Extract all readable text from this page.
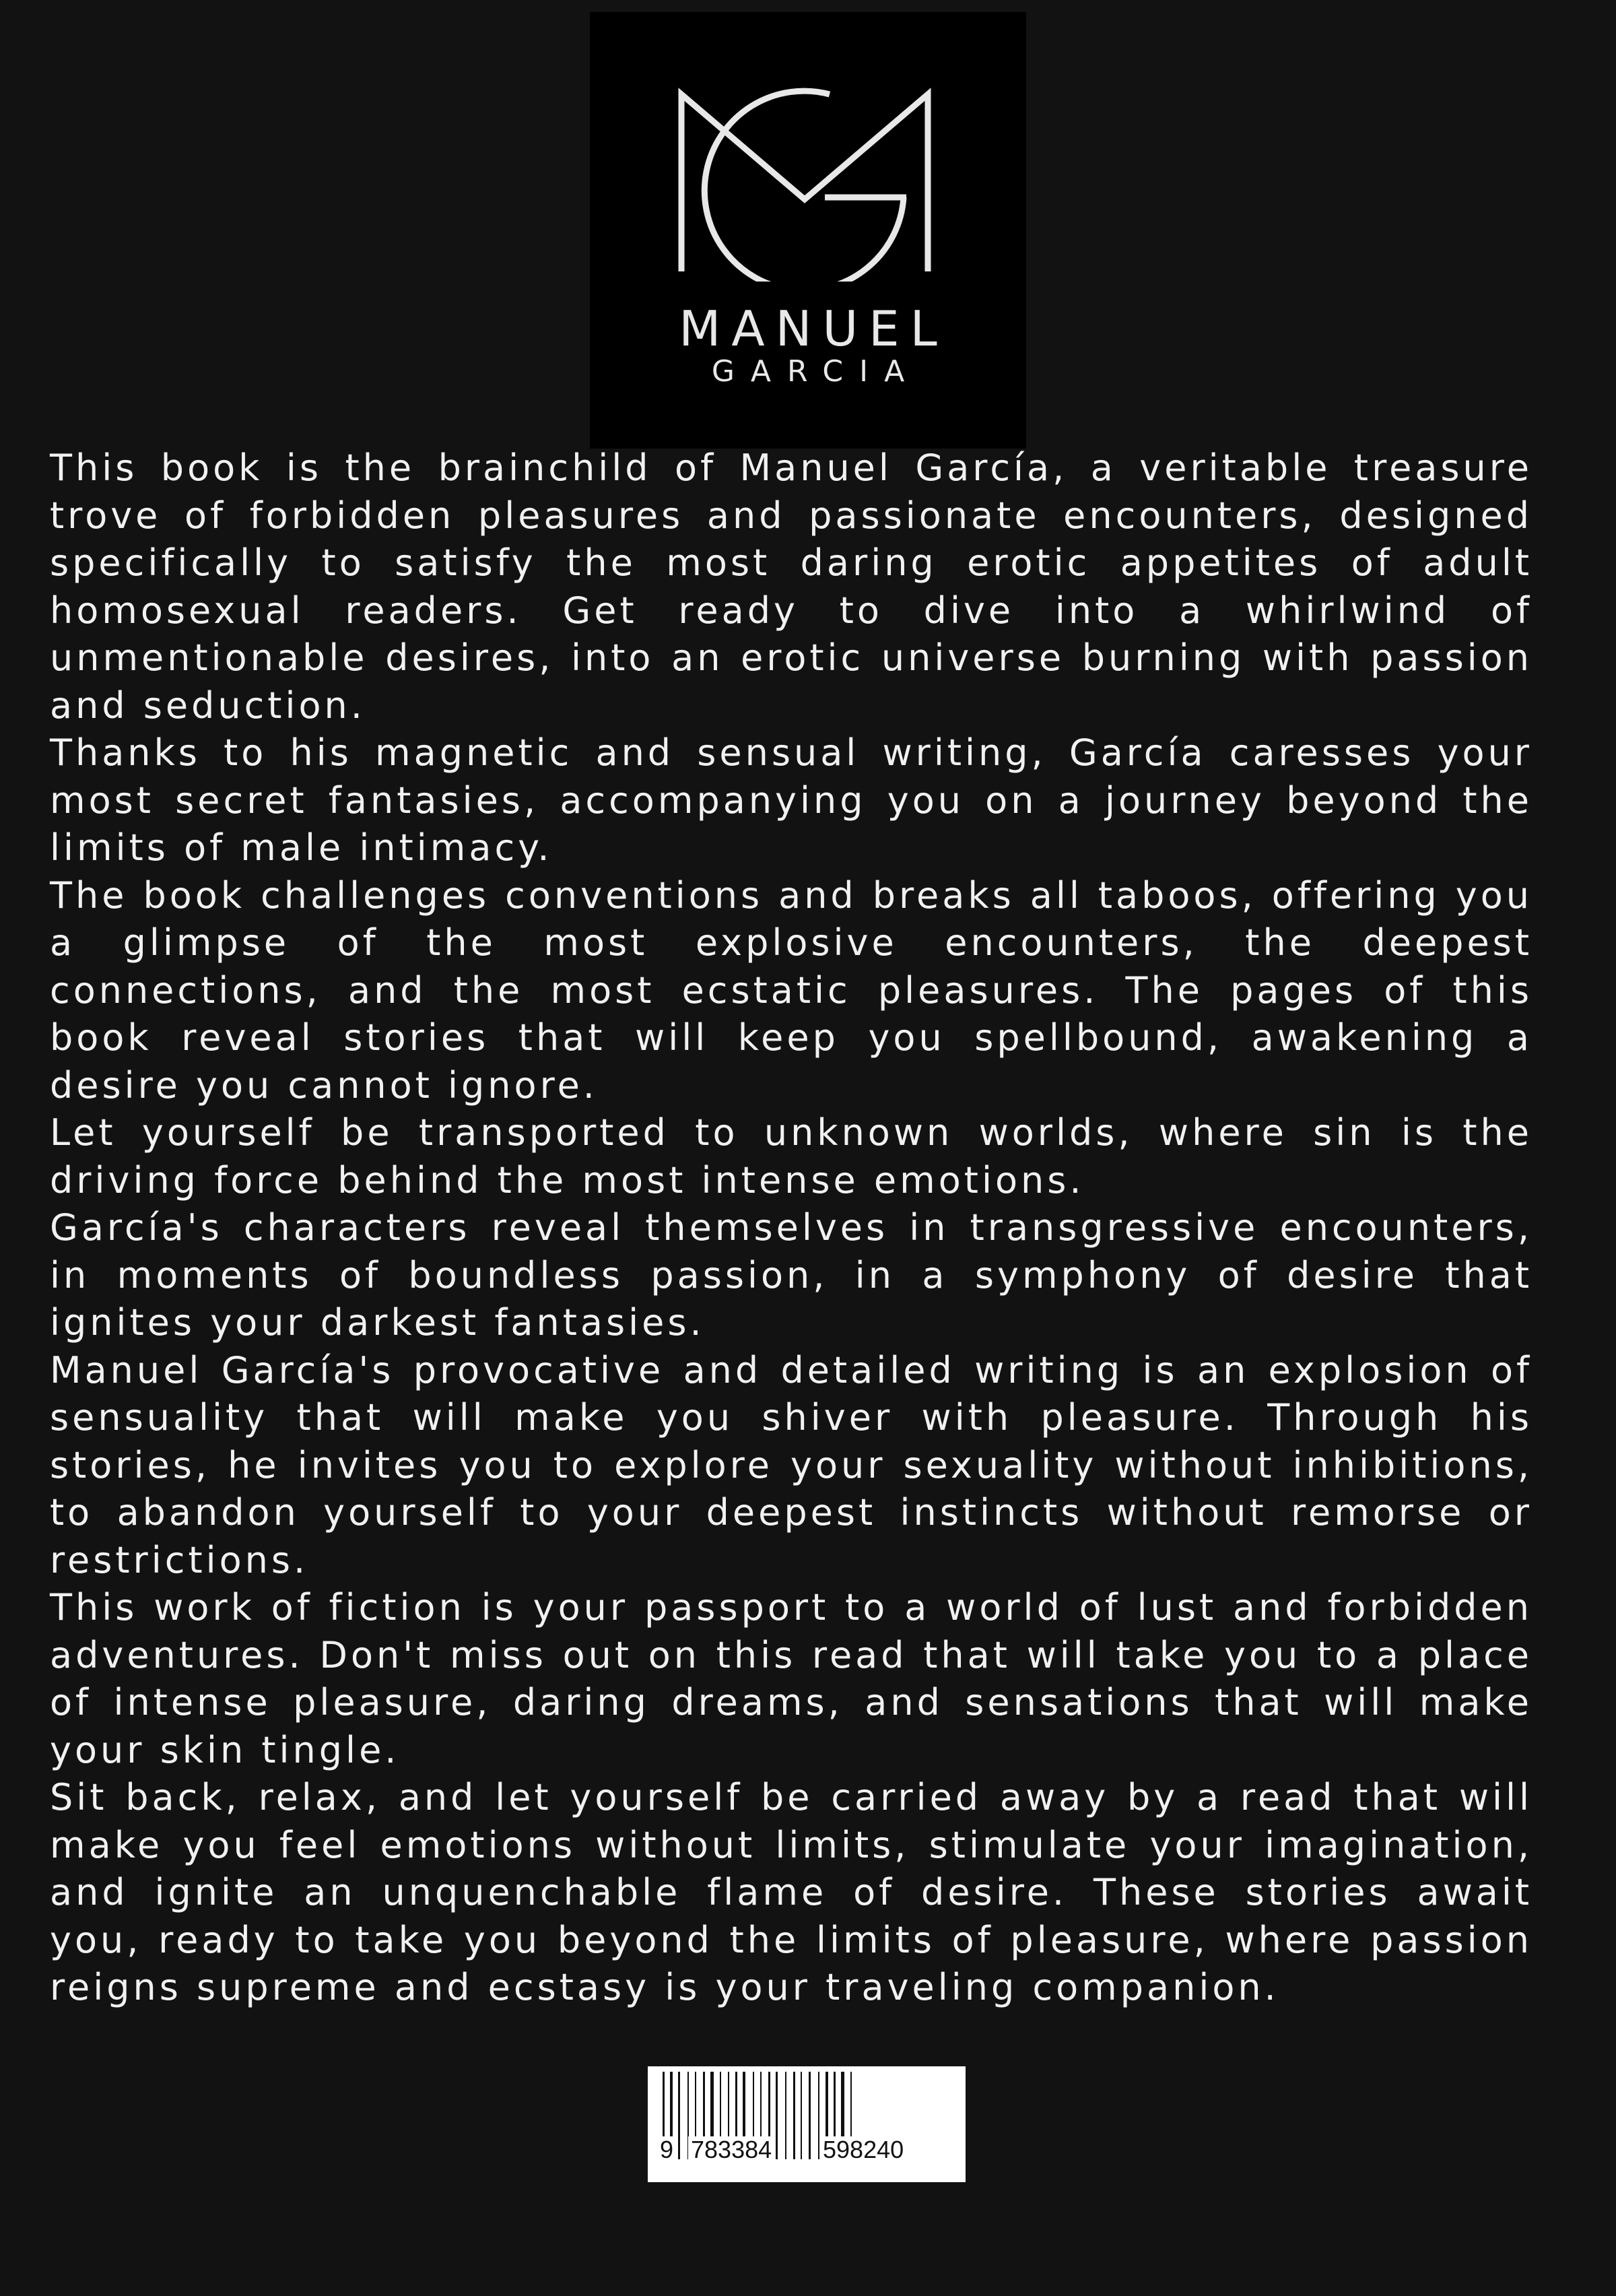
MANUEL
GARCIA

This book is the brainchild of Manuel García, a veritable treasure trove of forbidden pleasures and passionate encounters, designed specifically to satisfy the most daring erotic appetites of adult homosexual readers. Get ready to dive into a whirlwind of unmentionable desires, into an erotic universe burning with passion and seduction.

Thanks to his magnetic and sensual writing, García caresses your most secret fantasies, accompanying you on a journey beyond the limits of male intimacy.

The book challenges conventions and breaks all taboos, offering you a glimpse of the most explosive encounters, the deepest connections, and the most ecstatic pleasures. The pages of this book reveal stories that will keep you spellbound, awakening a desire you cannot ignore.

Let yourself be transported to unknown worlds, where sin is the driving force behind the most intense emotions.

García's characters reveal themselves in transgressive encounters, in moments of boundless passion, in a symphony of desire that ignites your darkest fantasies.

Manuel García's provocative and detailed writing is an explosion of sensuality that will make you shiver with pleasure. Through his stories, he invites you to explore your sexuality without inhibitions, to abandon yourself to your deepest instincts without remorse or restrictions.

This work of fiction is your passport to a world of lust and forbidden adventures. Don't miss out on this read that will take you to a place of intense pleasure, daring dreams, and sensations that will make your skin tingle.

Sit back, relax, and let yourself be carried away by a read that will make you feel emotions without limits, stimulate your imagination, and ignite an unquenchable flame of desire. These stories await you, ready to take you beyond the limits of pleasure, where passion reigns supreme and ecstasy is your traveling companion.

9 783384 598240
